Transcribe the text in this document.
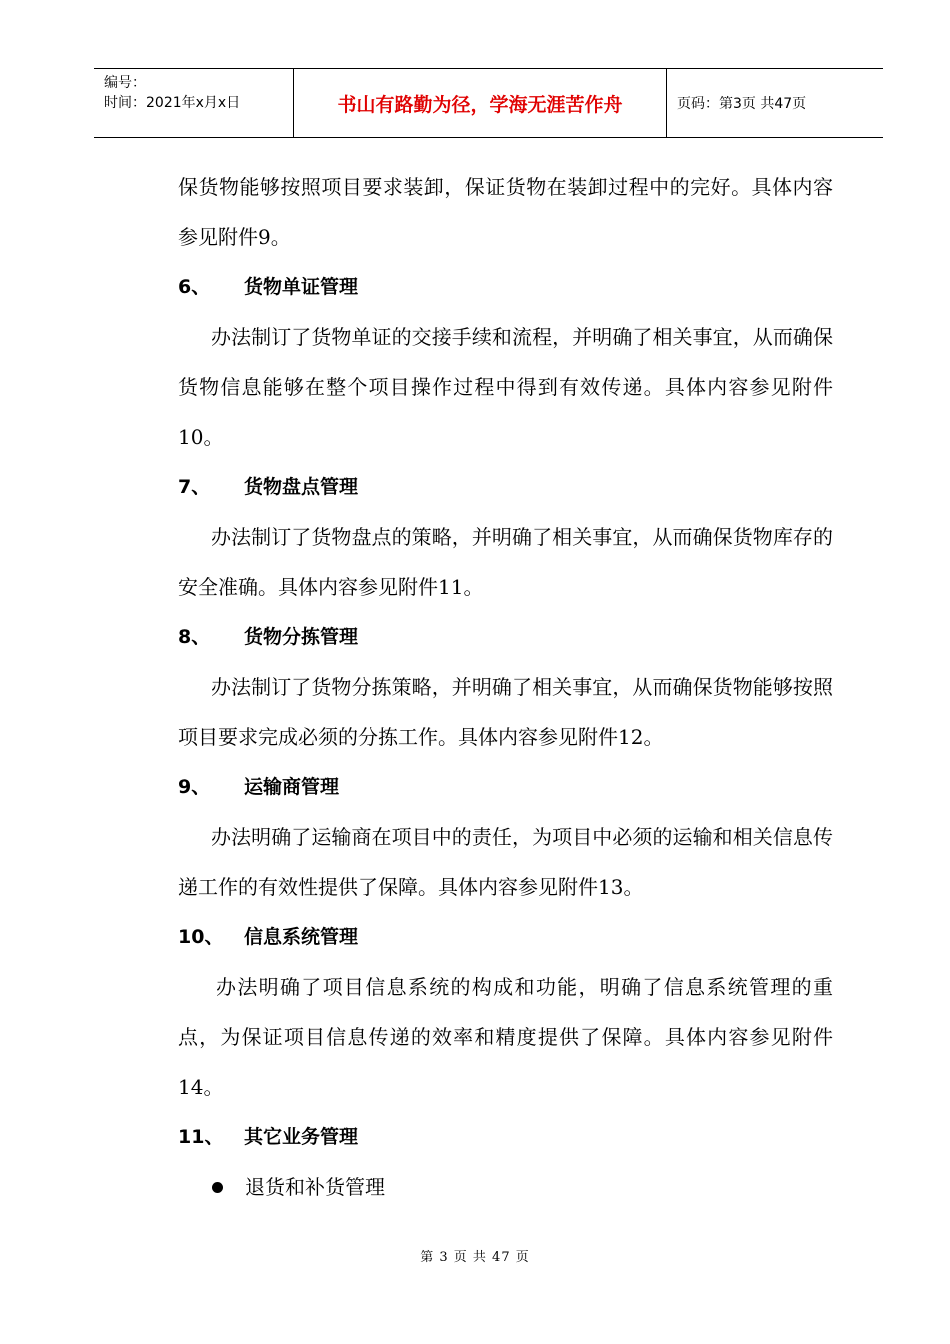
编号：
时间：2021年x月x日	书山有路勤为径，学海无涯苦作舟	页码：第3页 共47页

保货物能够按照项目要求装卸，保证货物在装卸过程中的完好。具体内容参见附件9。

6、	货物单证管理

办法制订了货物单证的交接手续和流程，并明确了相关事宜，从而确保货物信息能够在整个项目操作过程中得到有效传递。具体内容参见附件10。

7、	货物盘点管理

办法制订了货物盘点的策略，并明确了相关事宜，从而确保货物库存的安全准确。具体内容参见附件11。

8、	货物分拣管理

办法制订了货物分拣策略，并明确了相关事宜，从而确保货物能够按照项目要求完成必须的分拣工作。具体内容参见附件12。

9、	运输商管理

办法明确了运输商在项目中的责任，为项目中必须的运输和相关信息传递工作的有效性提供了保障。具体内容参见附件13。

10、	信息系统管理

办法明确了项目信息系统的构成和功能，明确了信息系统管理的重点，为保证项目信息传递的效率和精度提供了保障。具体内容参见附件14。

11、	其它业务管理
退货和补货管理
第 3 页 共 47 页
